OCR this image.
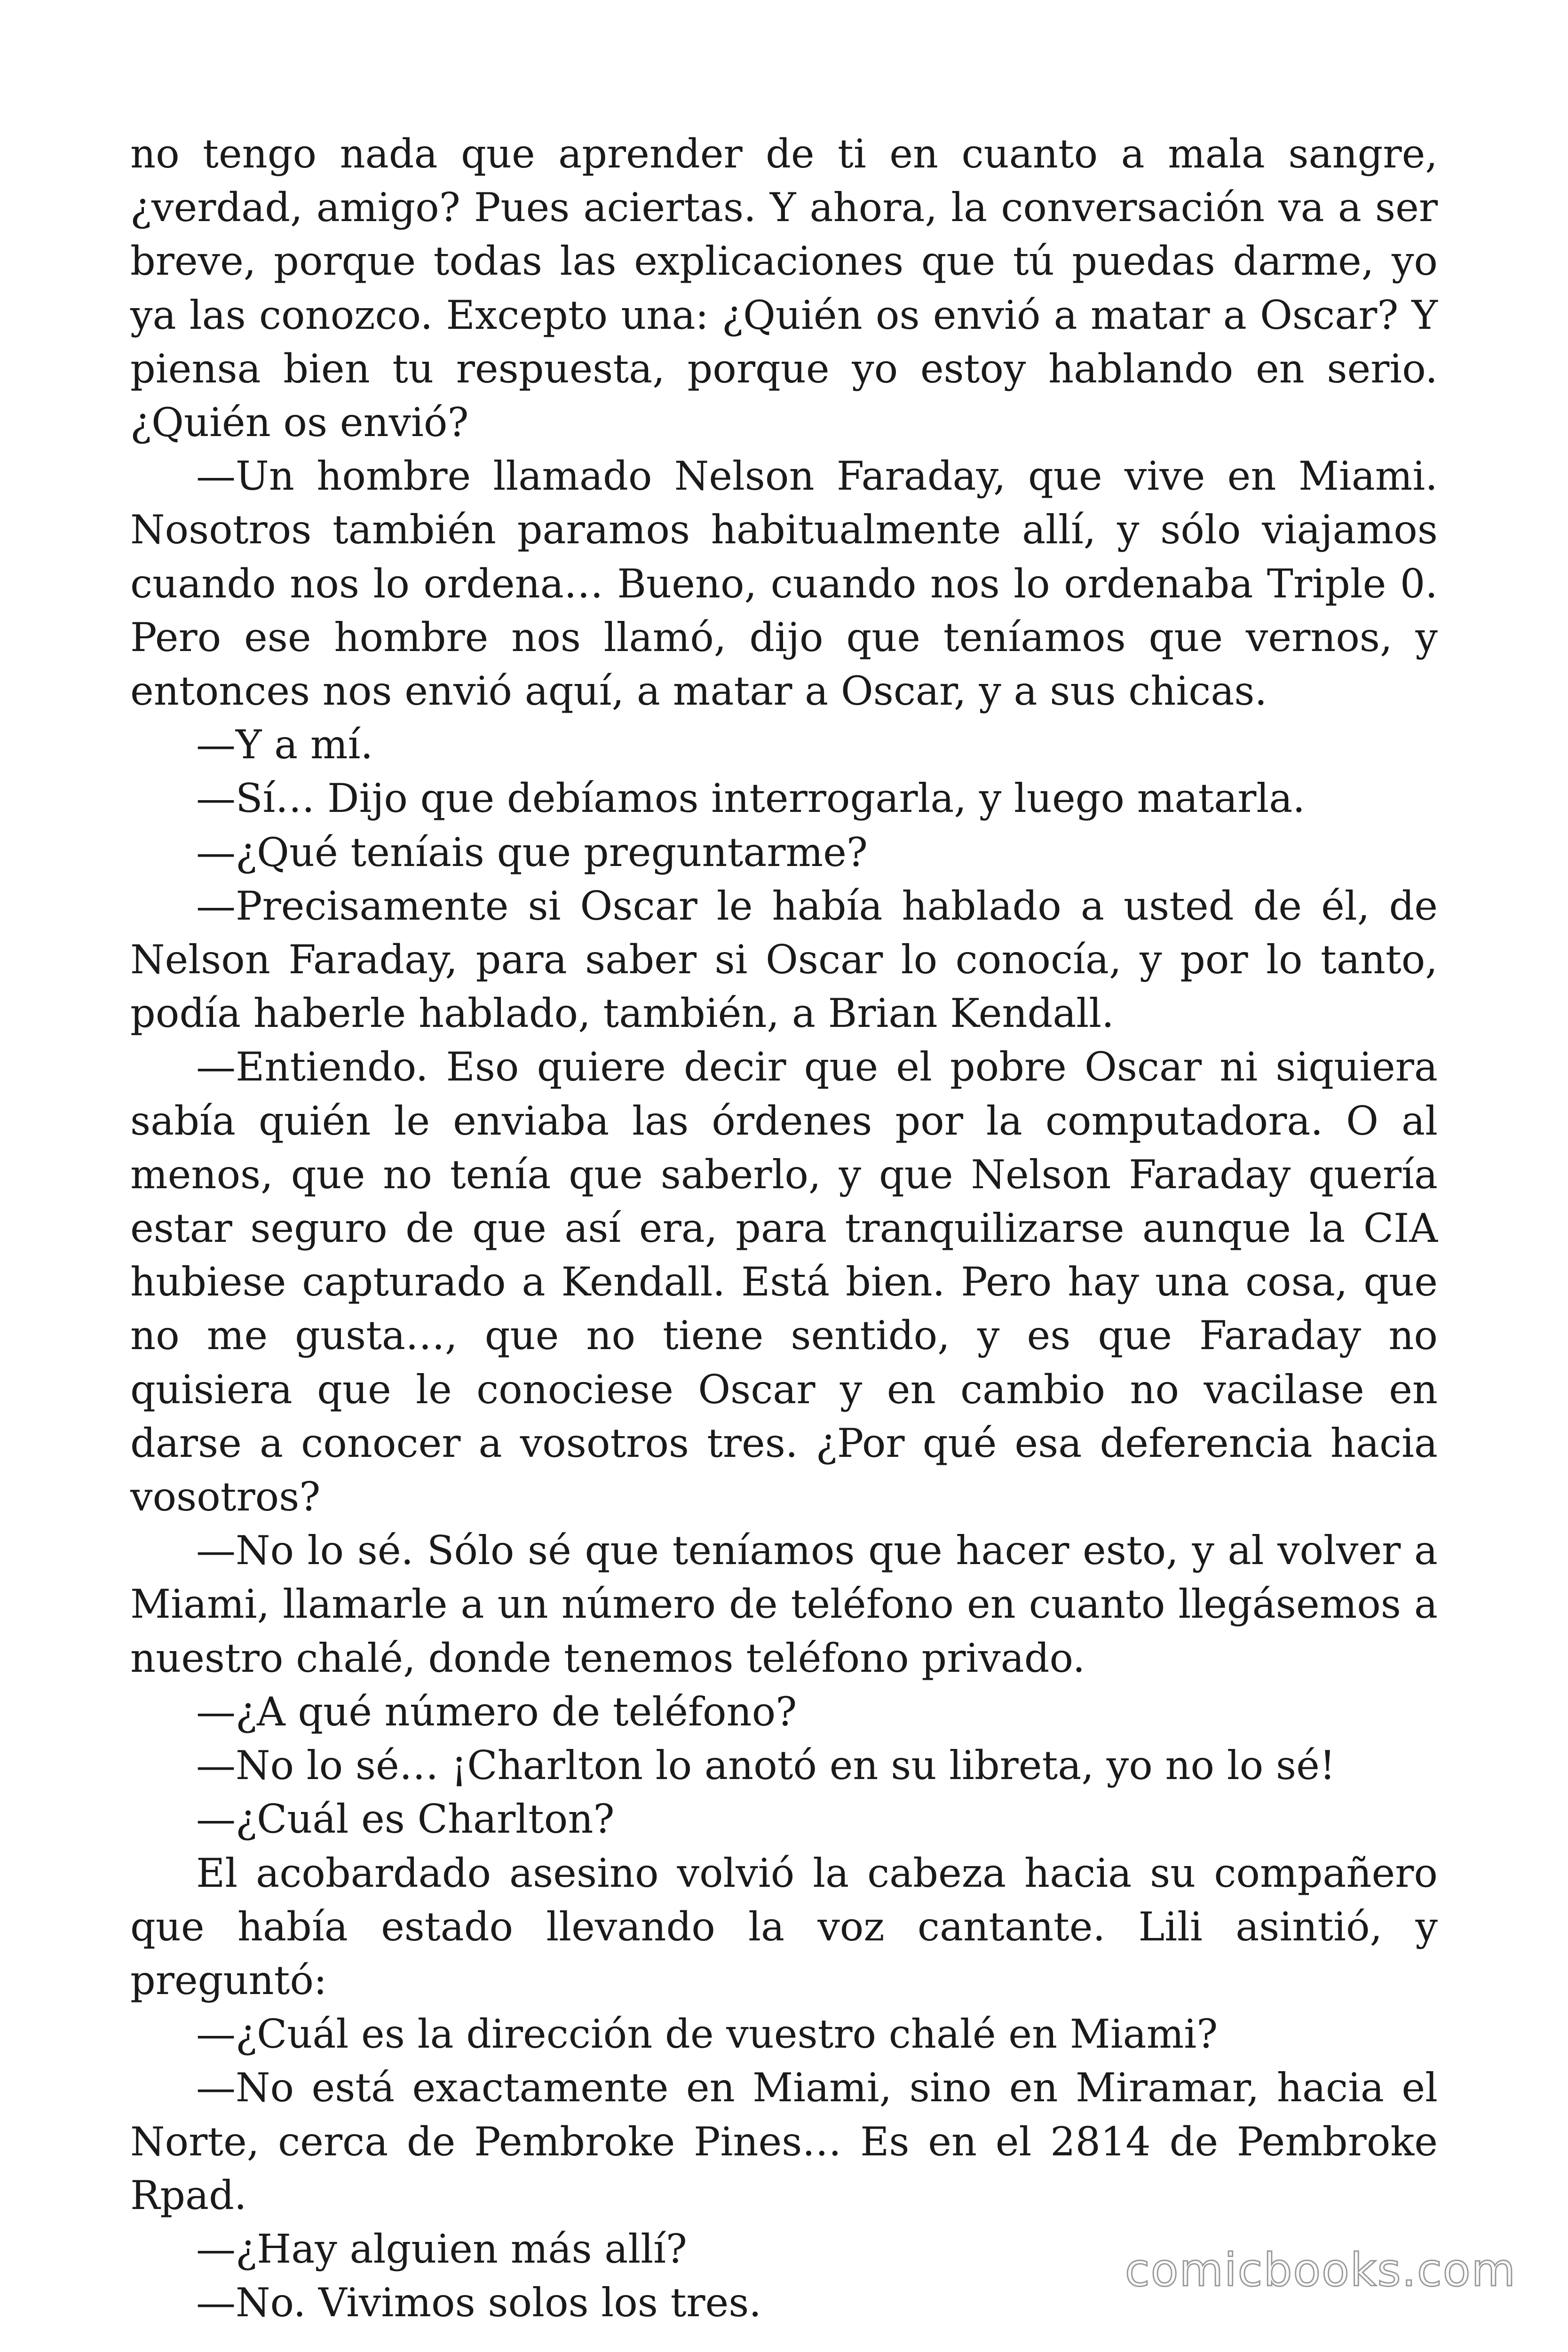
no tengo nada que aprender de ti en cuanto a mala sangre, ¿verdad, amigo? Pues aciertas. Y ahora, la conversación va a ser breve, porque todas las explicaciones que tú puedas darme, yo ya las conozco. Excepto una: ¿Quién os envió a matar a Oscar? Y piensa bien tu respuesta, porque yo estoy hablando en serio. ¿Quién os envió?

—Un hombre llamado Nelson Faraday, que vive en Miami. Nosotros también paramos habitualmente allí, y sólo viajamos cuando nos lo ordena… Bueno, cuando nos lo ordenaba Triple 0. Pero ese hombre nos llamó, dijo que teníamos que vernos, y entonces nos envió aquí, a matar a Oscar, y a sus chicas.

—Y a mí.

—Sí… Dijo que debíamos interrogarla, y luego matarla.

—¿Qué teníais que preguntarme?

—Precisamente si Oscar le había hablado a usted de él, de Nelson Faraday, para saber si Oscar lo conocía, y por lo tanto, podía haberle hablado, también, a Brian Kendall.

—Entiendo. Eso quiere decir que el pobre Oscar ni siquiera sabía quién le enviaba las órdenes por la computadora. O al menos, que no tenía que saberlo, y que Nelson Faraday quería estar seguro de que así era, para tranquilizarse aunque la CIA hubiese capturado a Kendall. Está bien. Pero hay una cosa, que no me gusta…, que no tiene sentido, y es que Faraday no quisiera que le conociese Oscar y en cambio no vacilase en darse a conocer a vosotros tres. ¿Por qué esa deferencia hacia vosotros?

—No lo sé. Sólo sé que teníamos que hacer esto, y al volver a Miami, llamarle a un número de teléfono en cuanto llegásemos a nuestro chalé, donde tenemos teléfono privado.

—¿A qué número de teléfono?

—No lo sé… ¡Charlton lo anotó en su libreta, yo no lo sé!

—¿Cuál es Charlton?

El acobardado asesino volvió la cabeza hacia su compañero que había estado llevando la voz cantante. Lili asintió, y preguntó:

—¿Cuál es la dirección de vuestro chalé en Miami?

—No está exactamente en Miami, sino en Miramar, hacia el Norte, cerca de Pembroke Pines… Es en el 2814 de Pembroke Rpad.

—¿Hay alguien más allí?

—No. Vivimos solos los tres.

comicbooks.com
